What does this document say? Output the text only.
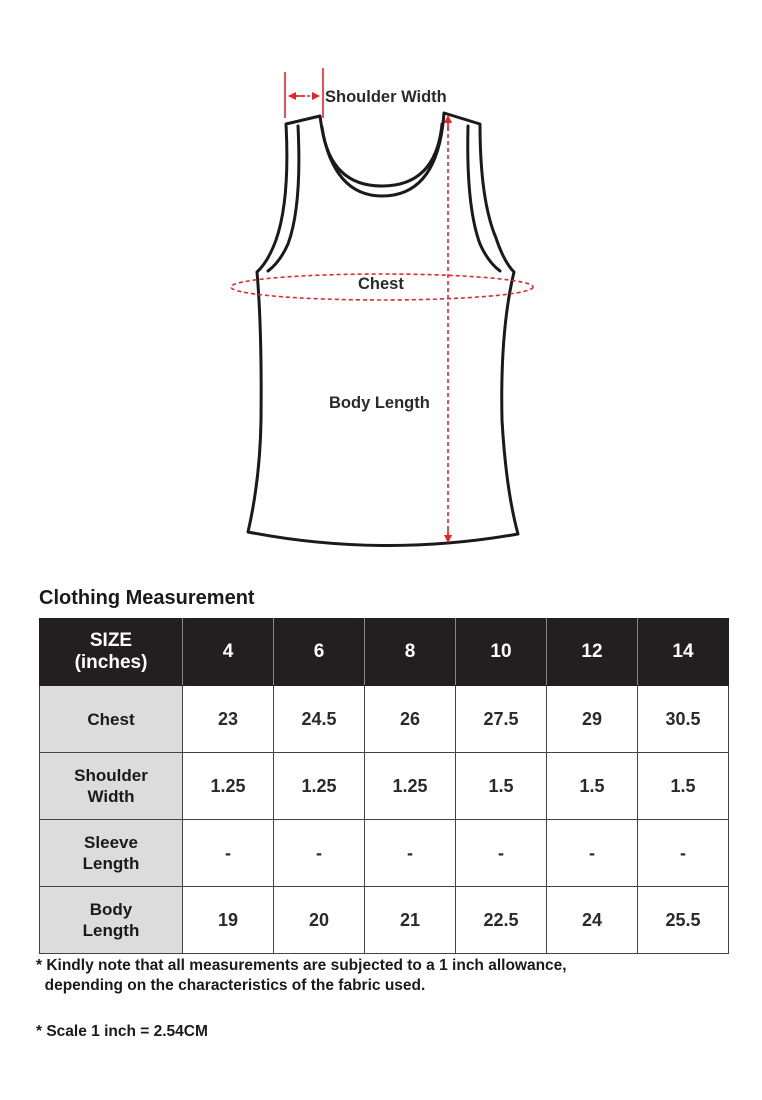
Shoulder Width
Chest
Body Length
Clothing Measurement
SIZE
(inches)	4	6	8	10	12	14

Chest	23	24.5	26	27.5	29	30.5

Shoulder
Width	1.25	1.25	1.25	1.5	1.5	1.5

Sleeve
Length	-	-	-	-	-	-

Body
Length	19	20	21	22.5	24	25.5
* Kindly note that all measurements are subjected to a 1 inch allowance,
depending on the characteristics of the fabric used.
* Scale 1 inch = 2.54CM
